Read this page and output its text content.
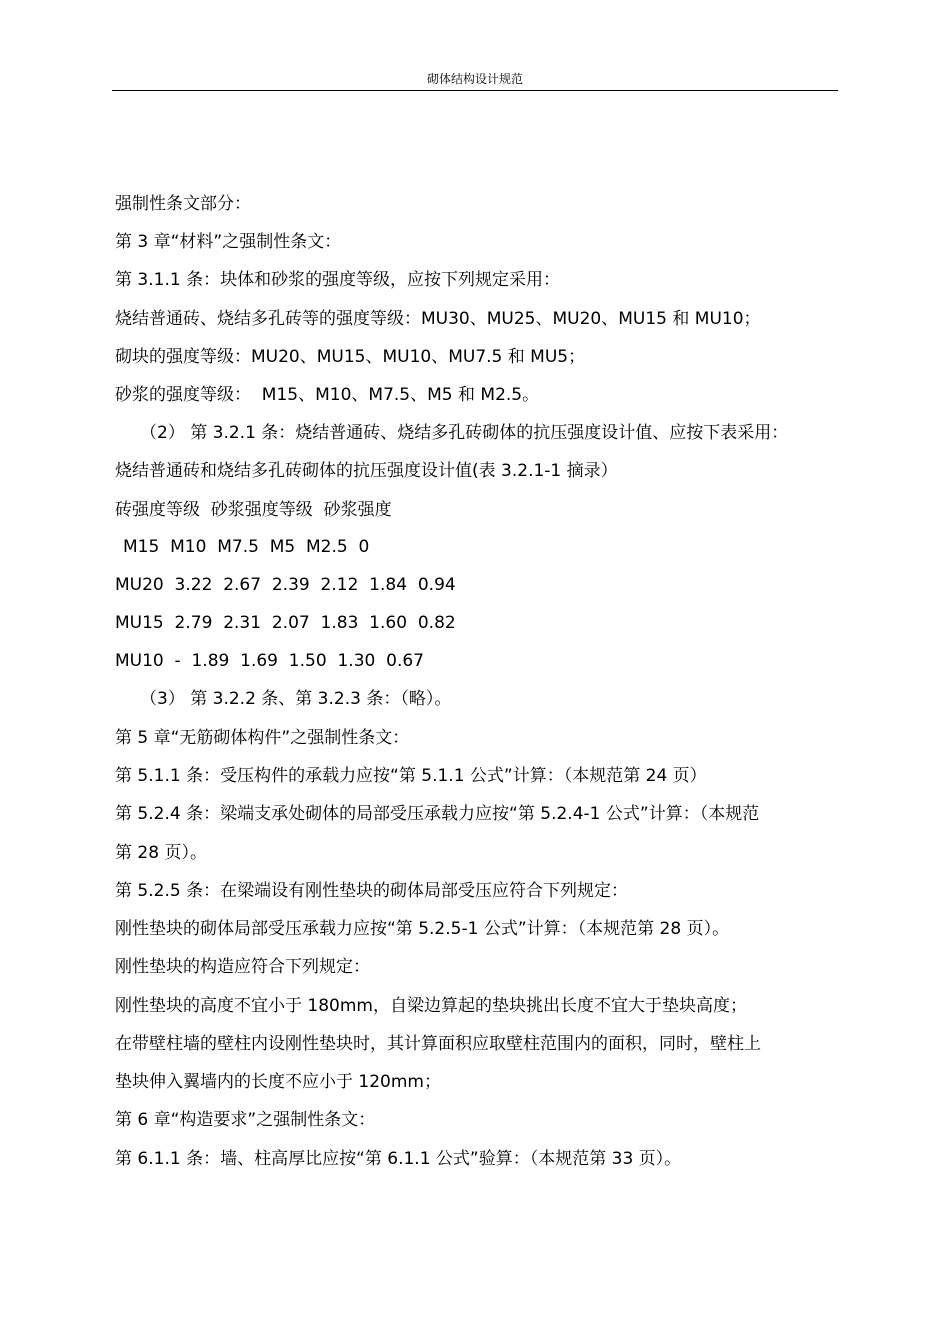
砌体结构设计规范
强制性条文部分：
第 3 章“材料”之强制性条文：
第 3.1.1 条：块体和砂浆的强度等级，应按下列规定采用：
烧结普通砖、烧结多孔砖等的强度等级：MU30、MU25、MU20、MU15 和 MU10；
砌块的强度等级：MU20、MU15、MU10、MU7.5 和 MU5；
砂浆的强度等级：  M15、M10、M7.5、M5 和 M2.5。
（2） 第 3.2.1 条：烧结普通砖、烧结多孔砖砌体的抗压强度设计值、应按下表采用：
烧结普通砖和烧结多孔砖砌体的抗压强度设计值(表 3.2.1-1 摘录）
砖强度等级  砂浆强度等级  砂浆强度
M15  M10  M7.5  M5  M2.5  0
MU20  3.22  2.67  2.39  2.12  1.84  0.94
MU15  2.79  2.31  2.07  1.83  1.60  0.82
MU10  -  1.89  1.69  1.50  1.30  0.67
（3） 第 3.2.2 条、第 3.2.3 条：（略）。
第 5 章“无筋砌体构件”之强制性条文：
第 5.1.1 条：受压构件的承载力应按“第 5.1.1 公式”计算：（本规范第 24 页）
第 5.2.4 条：梁端支承处砌体的局部受压承载力应按“第 5.2.4-1 公式”计算：（本规范
第 28 页）。
第 5.2.5 条：在梁端设有刚性垫块的砌体局部受压应符合下列规定：
刚性垫块的砌体局部受压承载力应按“第 5.2.5-1 公式”计算：（本规范第 28 页）。
刚性垫块的构造应符合下列规定：
刚性垫块的高度不宜小于 180mm，自梁边算起的垫块挑出长度不宜大于垫块高度；
在带壁柱墙的壁柱内设刚性垫块时，其计算面积应取壁柱范围内的面积，同时，壁柱上
垫块伸入翼墙内的长度不应小于 120mm；
第 6 章“构造要求”之强制性条文：
第 6.1.1 条：墙、柱高厚比应按“第 6.1.1 公式”验算：（本规范第 33 页）。
